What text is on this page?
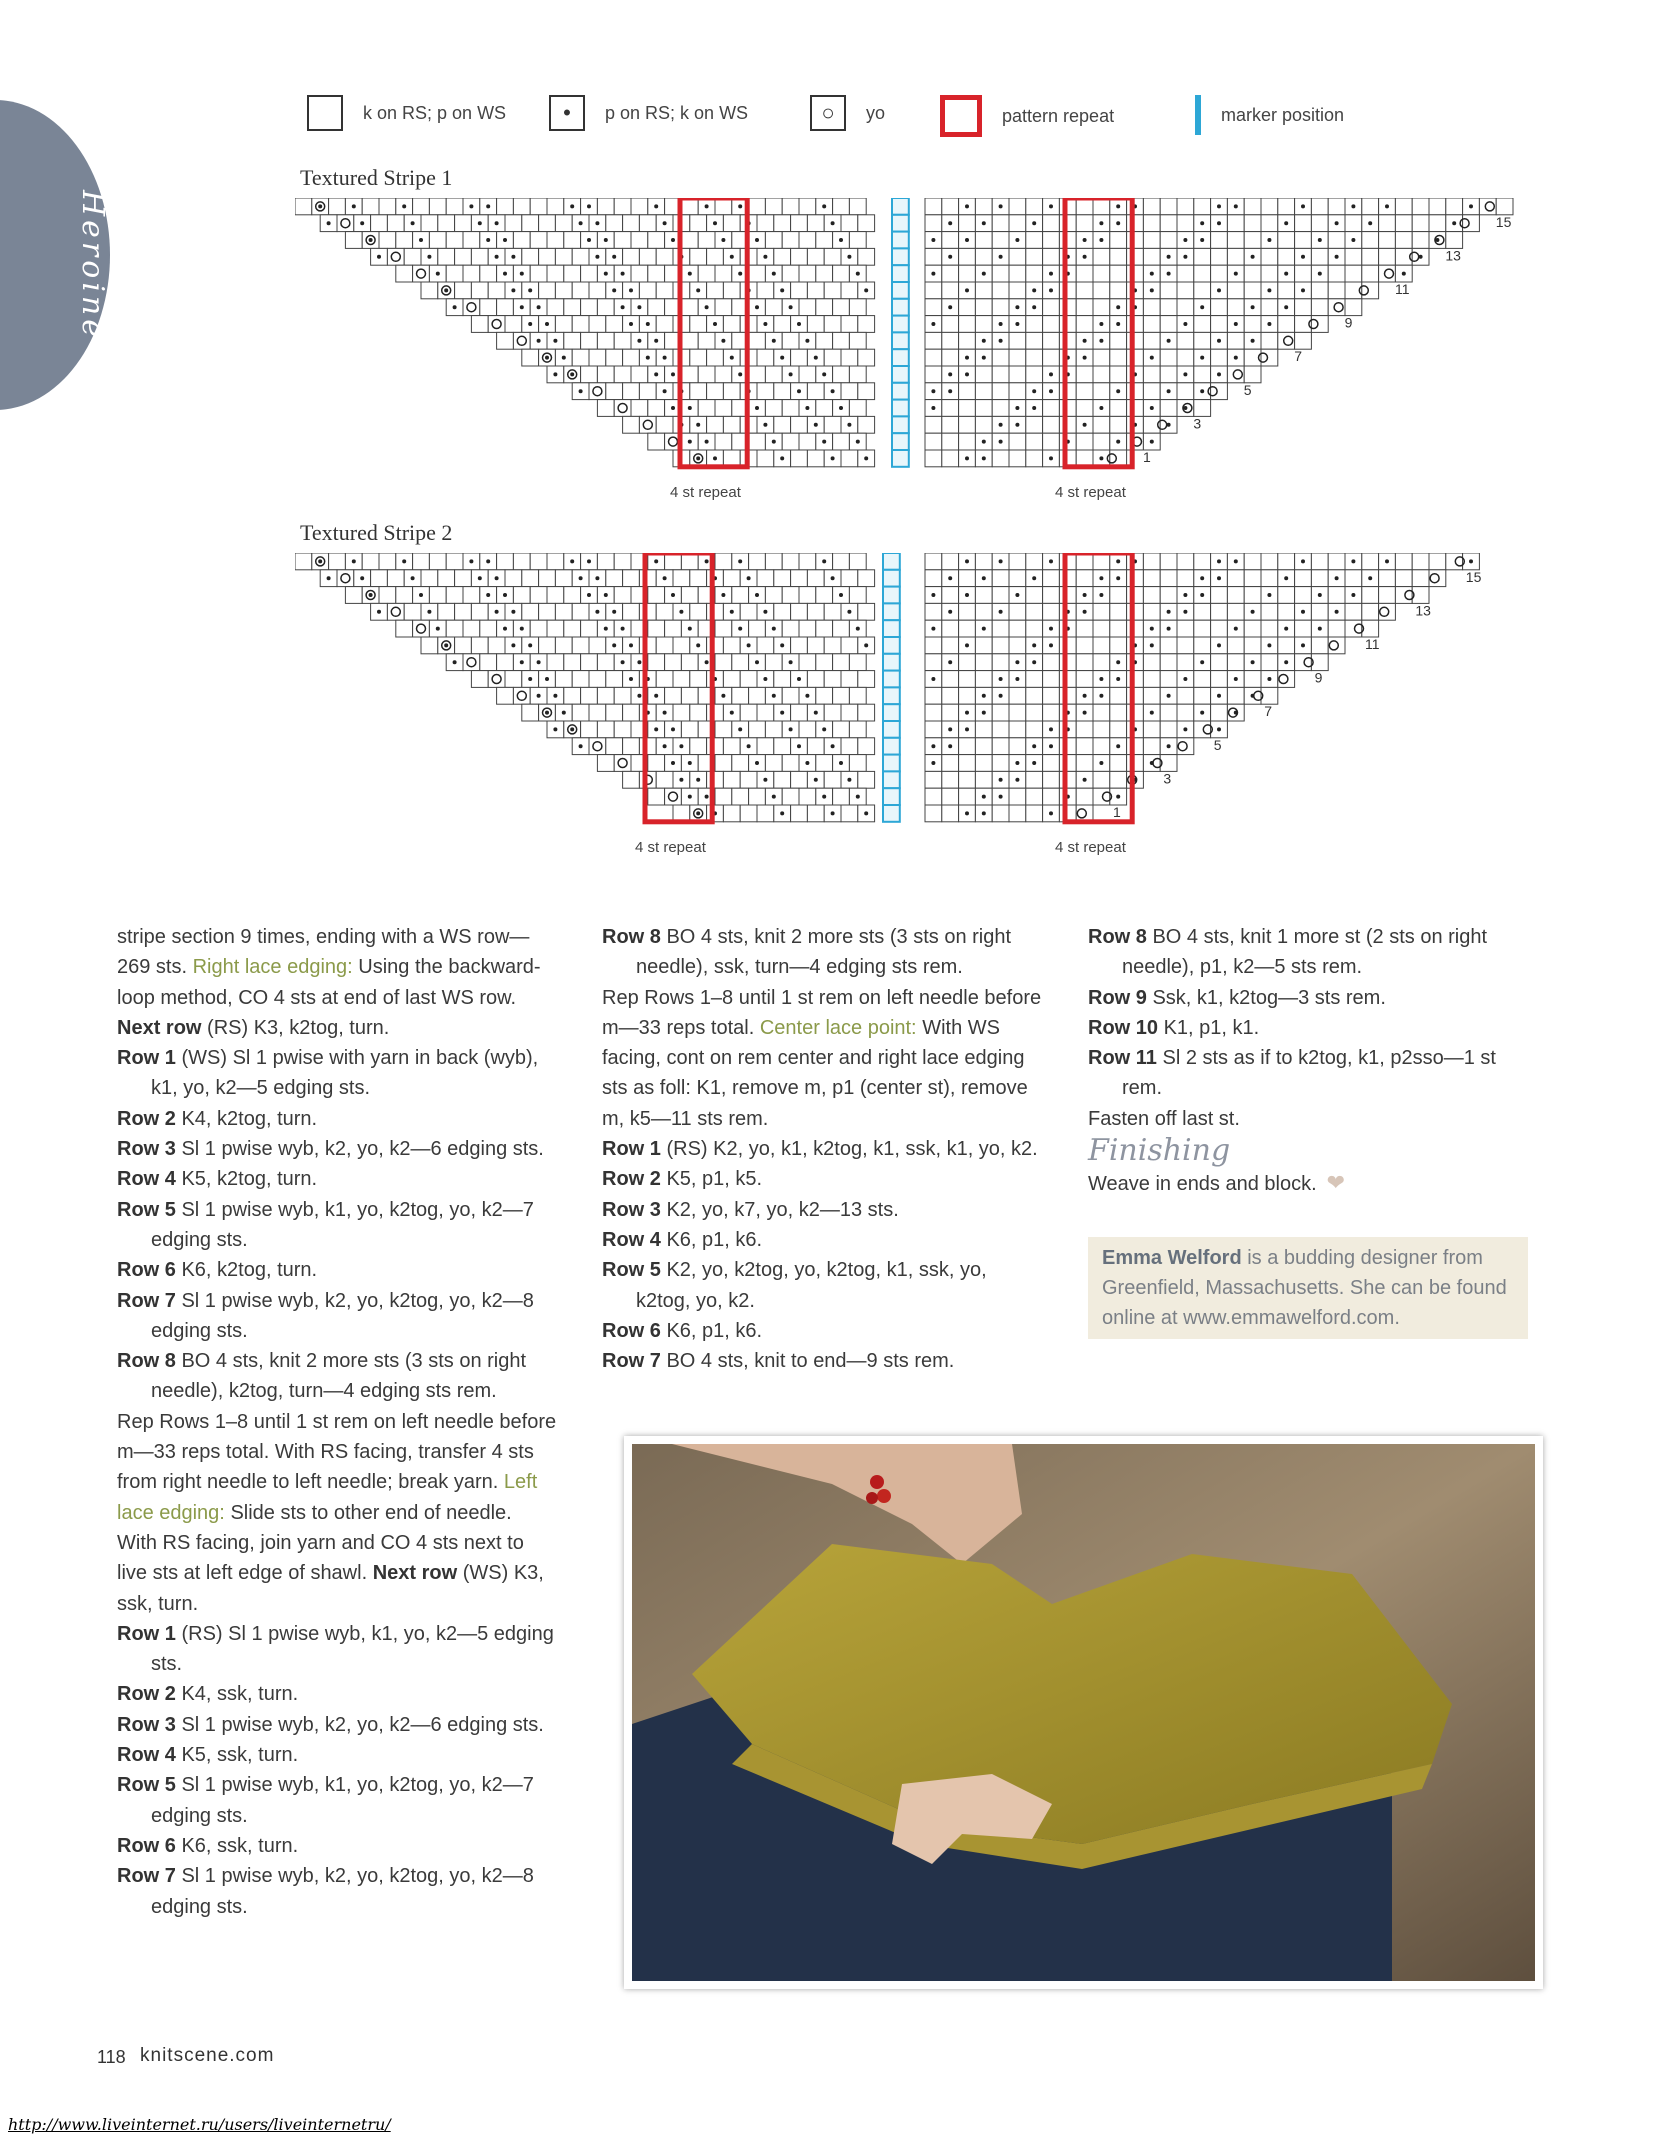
Heroine
k on RS; p on WS	•	p on RS; k on WS	○	yo	pattern repeat	marker position
Textured Stripe 1
15
13
11
9
7
5
3
1
4 st repeat	4 st repeat
Textured Stripe 2
15
13
11
9
7
5
3
1
4 st repeat	4 st repeat

stripe section 9 times, ending with a WS row—269 sts. Right lace edging: Using the backward-loop method, CO 4 sts at end of last WS row. Next row (RS) K3, k2tog, turn.

Row 1 (WS) Sl 1 pwise with yarn in back (wyb), k1, yo, k2—5 edging sts.

Row 2 K4, k2tog, turn.

Row 3 Sl 1 pwise wyb, k2, yo, k2—6 edging sts.

Row 4 K5, k2tog, turn.

Row 5 Sl 1 pwise wyb, k1, yo, k2tog, yo, k2—7 edging sts.

Row 6 K6, k2tog, turn.

Row 7 Sl 1 pwise wyb, k2, yo, k2tog, yo, k2—8 edging sts.

Row 8 BO 4 sts, knit 2 more sts (3 sts on right needle), k2tog, turn—4 edging sts rem.

Rep Rows 1–8 until 1 st rem on left needle before m—33 reps total. With RS facing, transfer 4 sts from right needle to left needle; break yarn. Left lace edging: Slide sts to other end of needle. With RS facing, join yarn and CO 4 sts next to live sts at left edge of shawl. Next row (WS) K3, ssk, turn.

Row 1 (RS) Sl 1 pwise wyb, k1, yo, k2—5 edging sts.

Row 2 K4, ssk, turn.

Row 3 Sl 1 pwise wyb, k2, yo, k2—6 edging sts.

Row 4 K5, ssk, turn.

Row 5 Sl 1 pwise wyb, k1, yo, k2tog, yo, k2—7 edging sts.

Row 6 K6, ssk, turn.

Row 7 Sl 1 pwise wyb, k2, yo, k2tog, yo, k2—8 edging sts.

Row 8 BO 4 sts, knit 2 more sts (3 sts on right needle), ssk, turn—4 edging sts rem.

Rep Rows 1–8 until 1 st rem on left needle before m—33 reps total. Center lace point: With WS facing, cont on rem center and right lace edging sts as foll: K1, remove m, p1 (center st), remove m, k5—11 sts rem.

Row 1 (RS) K2, yo, k1, k2tog, k1, ssk, k1, yo, k2.

Row 2 K5, p1, k5.

Row 3 K2, yo, k7, yo, k2—13 sts.

Row 4 K6, p1, k6.

Row 5 K2, yo, k2tog, yo, k2tog, k1, ssk, yo, k2tog, yo, k2.

Row 6 K6, p1, k6.

Row 7 BO 4 sts, knit to end—9 sts rem.

Row 8 BO 4 sts, knit 1 more st (2 sts on right needle), p1, k2—5 sts rem.

Row 9 Ssk, k1, k2tog—3 sts rem.

Row 10 K1, p1, k1.

Row 11 Sl 2 sts as if to k2tog, k1, p2sso—1 st rem.

Fasten off last st.

Finishing

Weave in ends and block. ❤

Emma Welford is a budding designer from Greenfield, Massachusetts. She can be found online at www.emmawelford.com.
118 knitscene.com
http://www.liveinternet.ru/users/liveinternetru/
